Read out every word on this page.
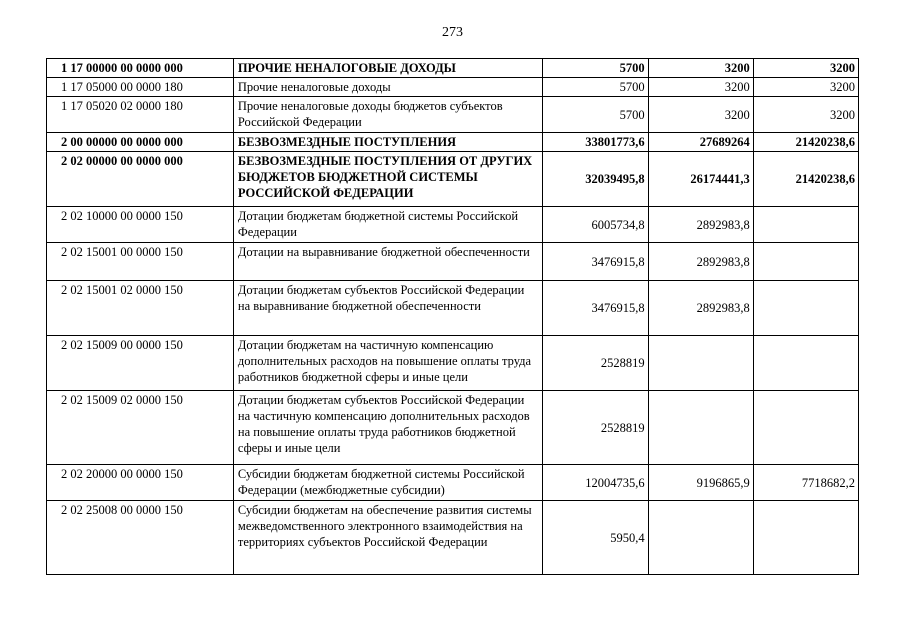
273
1 17 00000 00 0000 000	ПРОЧИЕ НЕНАЛОГОВЫЕ ДОХОДЫ	5700	3200	3200
1 17 05000 00 0000 180	Прочие неналоговые доходы	5700	3200	3200
1 17 05020 02 0000 180	Прочие неналоговые доходы бюджетов субъектов Российской Федерации	5700	3200	3200
2 00 00000 00 0000 000	БЕЗВОЗМЕЗДНЫЕ ПОСТУПЛЕНИЯ	33801773,6	27689264	21420238,6
2 02 00000 00 0000 000	БЕЗВОЗМЕЗДНЫЕ ПОСТУПЛЕНИЯ ОТ ДРУГИХ БЮДЖЕТОВ БЮДЖЕТНОЙ СИСТЕМЫ РОССИЙСКОЙ ФЕДЕРАЦИИ	32039495,8	26174441,3	21420238,6
2 02 10000 00 0000 150	Дотации бюджетам бюджетной системы Российской Федерации	6005734,8	2892983,8	
2 02 15001 00 0000 150	Дотации на выравнивание бюджетной обеспеченности	3476915,8	2892983,8	
2 02 15001 02 0000 150	Дотации бюджетам субъектов Российской Федерации на выравнивание бюджетной обеспеченности	3476915,8	2892983,8	
2 02 15009 00 0000 150	Дотации бюджетам на частичную компенсацию дополнительных расходов на повышение оплаты труда работников бюджетной сферы и иные цели	2528819		
2 02 15009 02 0000 150	Дотации бюджетам субъектов Российской Федерации на частичную компенсацию дополнительных расходов на повышение оплаты труда работников бюджетной сферы и иные цели	2528819		
2 02 20000 00 0000 150	Субсидии бюджетам бюджетной системы Российской Федерации (межбюджетные субсидии)	12004735,6	9196865,9	7718682,2
2 02 25008 00 0000 150	Субсидии бюджетам на обеспечение развития системы межведомственного электронного взаимодействия на территориях субъектов Российской Федерации	5950,4		
